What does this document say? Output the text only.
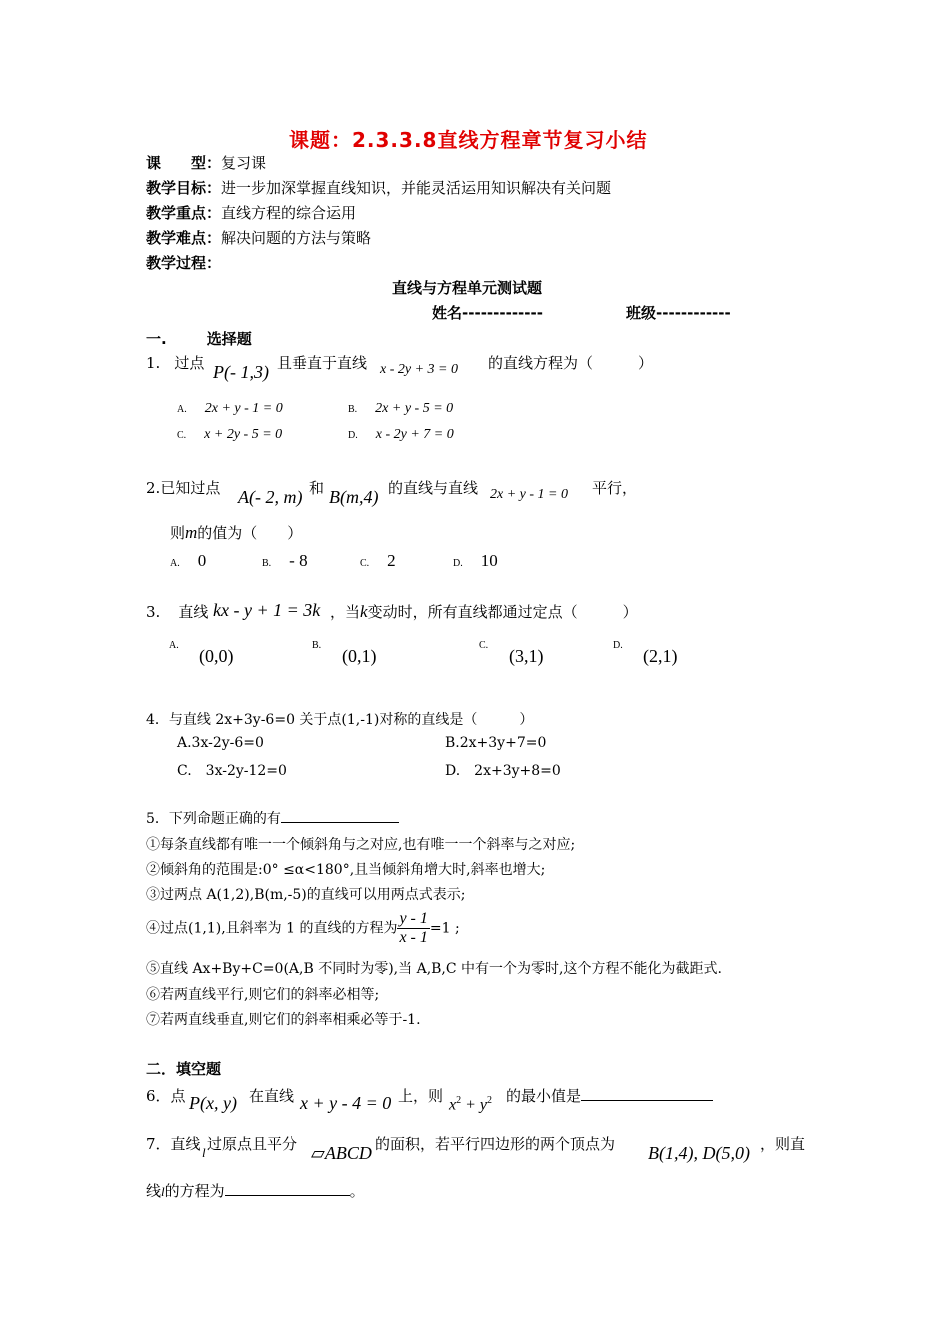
课题：2.3.3.8直线方程章节复习小结
课　　型：复习课
教学目标：进一步加深掌握直线知识，并能灵活运用知识解决有关问题
教学重点：直线方程的综合运用
教学难点：解决问题的方法与策略
教学过程：
直线与方程单元测试题
姓名-------------	班级------------
一.	选择题
1. 过点 P(- 1,3) 且垂直于直线 x - 2y + 3 = 0 的直线方程为（　　　）
A. 2x + y - 1 = 0	B. 2x + y - 5 = 0
C. x + 2y - 5 = 0	D. x - 2y + 7 = 0
2.已知过点 A(- 2, m) 和 B(m,4) 的直线与直线 2x + y - 1 = 0 平行，
则m的值为（　　）
A. 0	B. - 8	C. 2	D. 10
3. 直线 kx - y + 1 = 3k ，当k变动时，所有直线都通过定点（　　　）
A.
(0,0)
B.
(0,1)
C.
(3,1)
D.
(2,1)
4．与直线 2x+3y-6=0 关于点(1,-1)对称的直线是（　　　）
A.3x-2y-6=0	B.2x+3y+7=0
C.　3x-2y-12=0	D.　2x+3y+8=0
5．下列命题正确的有
①每条直线都有唯一一个倾斜角与之对应,也有唯一一个斜率与之对应;
②倾斜角的范围是:0° ≤α<180°,且当倾斜角增大时,斜率也增大;
③过两点 A(1,2),B(m,-5)的直线可以用两点式表示;
④过点(1,1),且斜率为 1 的直线的方程为 $\frac{y - 1}{x - 1} =1$ ;
⑤直线 Ax+By+C=0(A,B 不同时为零),当 A,B,C 中有一个为零时,这个方程不能化为截距式.
⑥若两直线平行,则它们的斜率必相等;
⑦若两直线垂直,则它们的斜率相乘必等于-1.
二．填空题
6．点 P(x, y) 在直线 x + y - 4 = 0 上，则 $x^2 + y^2$ 的最小值是
7．直线 l 过原点且平分 ▱ABCD 的面积，若平行四边形的两个顶点为 B(1,4), D(5,0) ，则直
线l的方程为	。
